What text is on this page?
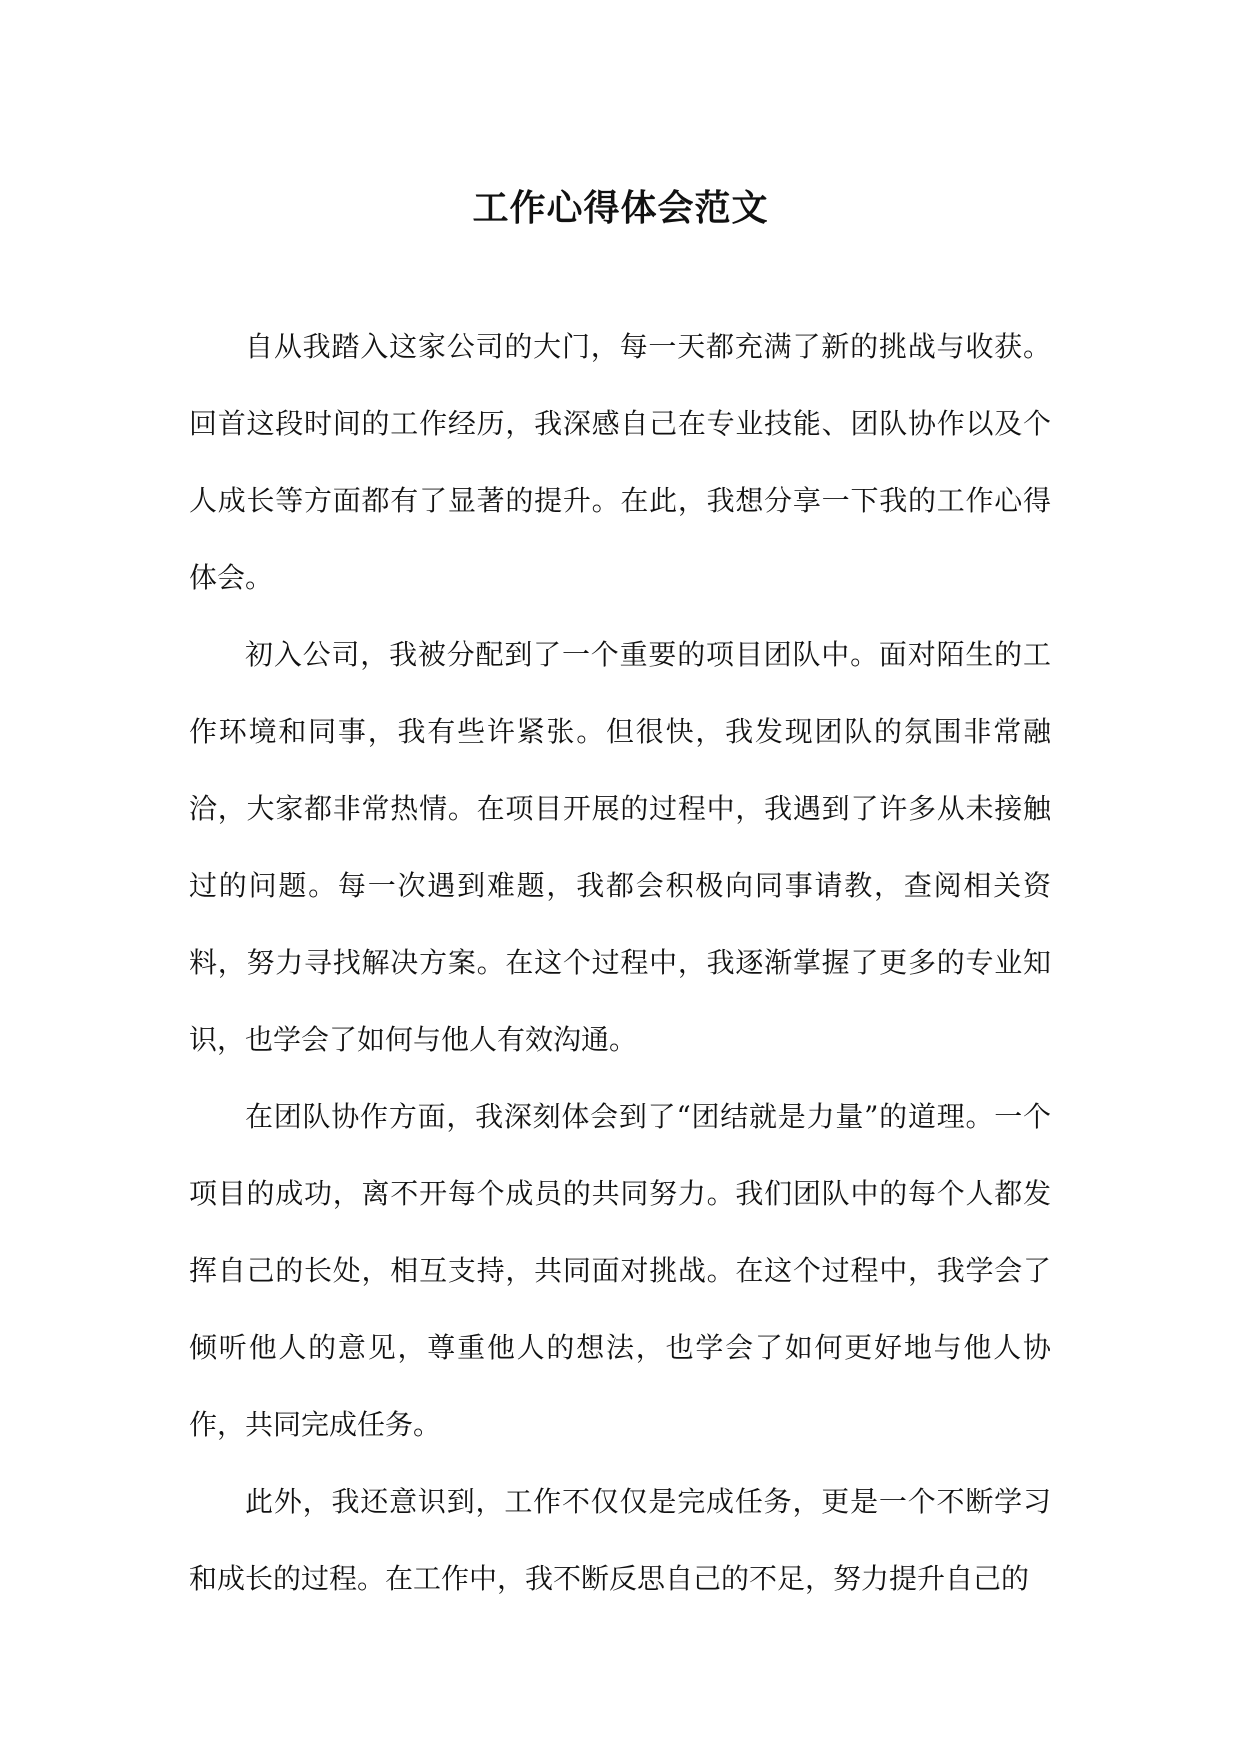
工作心得体会范文

自从我踏入这家公司的大门，每一天都充满了新的挑战与收获。回首这段时间的工作经历，我深感自己在专业技能、团队协作以及个人成长等方面都有了显著的提升。在此，我想分享一下我的工作心得体会。

初入公司，我被分配到了一个重要的项目团队中。面对陌生的工作环境和同事，我有些许紧张。但很快，我发现团队的氛围非常融洽，大家都非常热情。在项目开展的过程中，我遇到了许多从未接触过的问题。每一次遇到难题，我都会积极向同事请教，查阅相关资料，努力寻找解决方案。在这个过程中，我逐渐掌握了更多的专业知识，也学会了如何与他人有效沟通。

在团队协作方面，我深刻体会到了“团结就是力量”的道理。一个项目的成功，离不开每个成员的共同努力。我们团队中的每个人都发挥自己的长处，相互支持，共同面对挑战。在这个过程中，我学会了倾听他人的意见，尊重他人的想法，也学会了如何更好地与他人协作，共同完成任务。

此外，我还意识到，工作不仅仅是完成任务，更是一个不断学习和成长的过程。在工作中，我不断反思自己的不足，努力提升自己的
